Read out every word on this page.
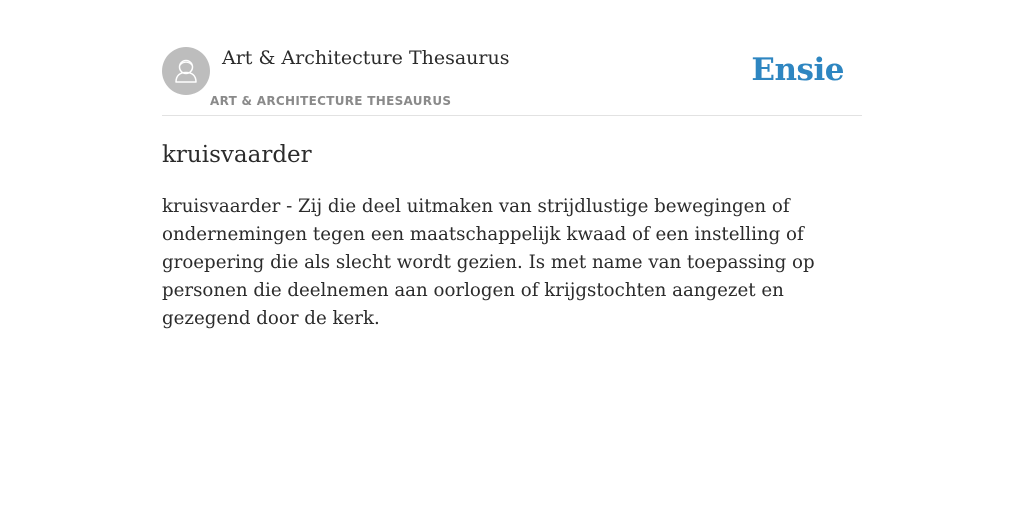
Art & Architecture Thesaurus
ART & ARCHITECTURE THESAURUS
Ensie
kruisvaarder

kruisvaarder - Zij die deel uitmaken van strijdlustige bewegingen of ondernemingen tegen een maatschappelijk kwaad of een instelling of groepering die als slecht wordt gezien. Is met name van toepassing op personen die deelnemen aan oorlogen of krijgstochten aangezet en gezegend door de kerk.
